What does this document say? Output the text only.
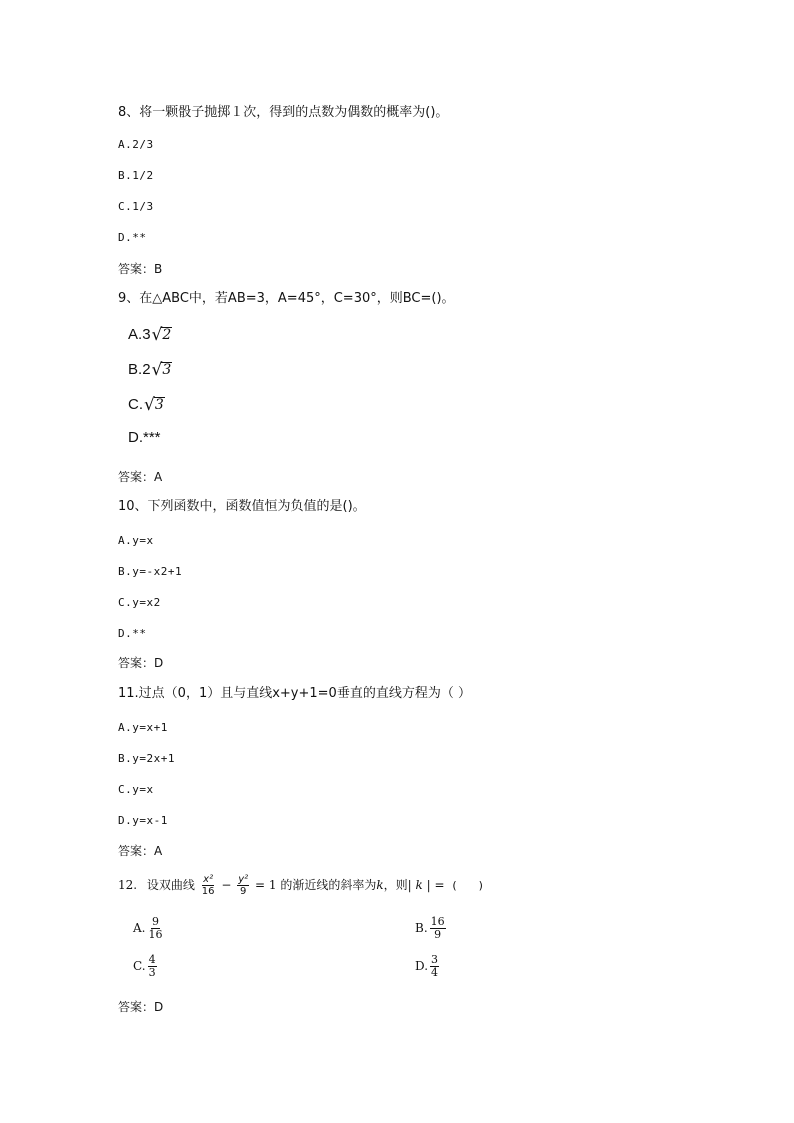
8、将一颗骰子抛掷１次，得到的点数为偶数的概率为()。
A.2/3
B.1/2
C.1/3
D.**
答案：B
9、在△ABC中，若AB=3，A=45°，C=30°，则BC=()。
A.3√2
B.2√3
C.√3
D.***
答案：A
10、下列函数中，函数值恒为负值的是()。
A.y=x
B.y=-x2+1
C.y=x2
D.**
答案：D
11.过点（0，1）且与直线x+y+1=0垂直的直线方程为（ ）
A.y=x+1
B.y=2x+1
C.y=x
D.y=x-1
答案：A
12. 设双曲线 $\frac{\text{x²}}{16} - \frac{\text{y²}}{9} = 1$ 的渐近线的斜率为k，则| k | = (　　)
A. $\frac{9}{16}$	B. $\frac{16}{9}$
C. $\frac{4}{3}$	D. $\frac{3}{4}$
答案：D
